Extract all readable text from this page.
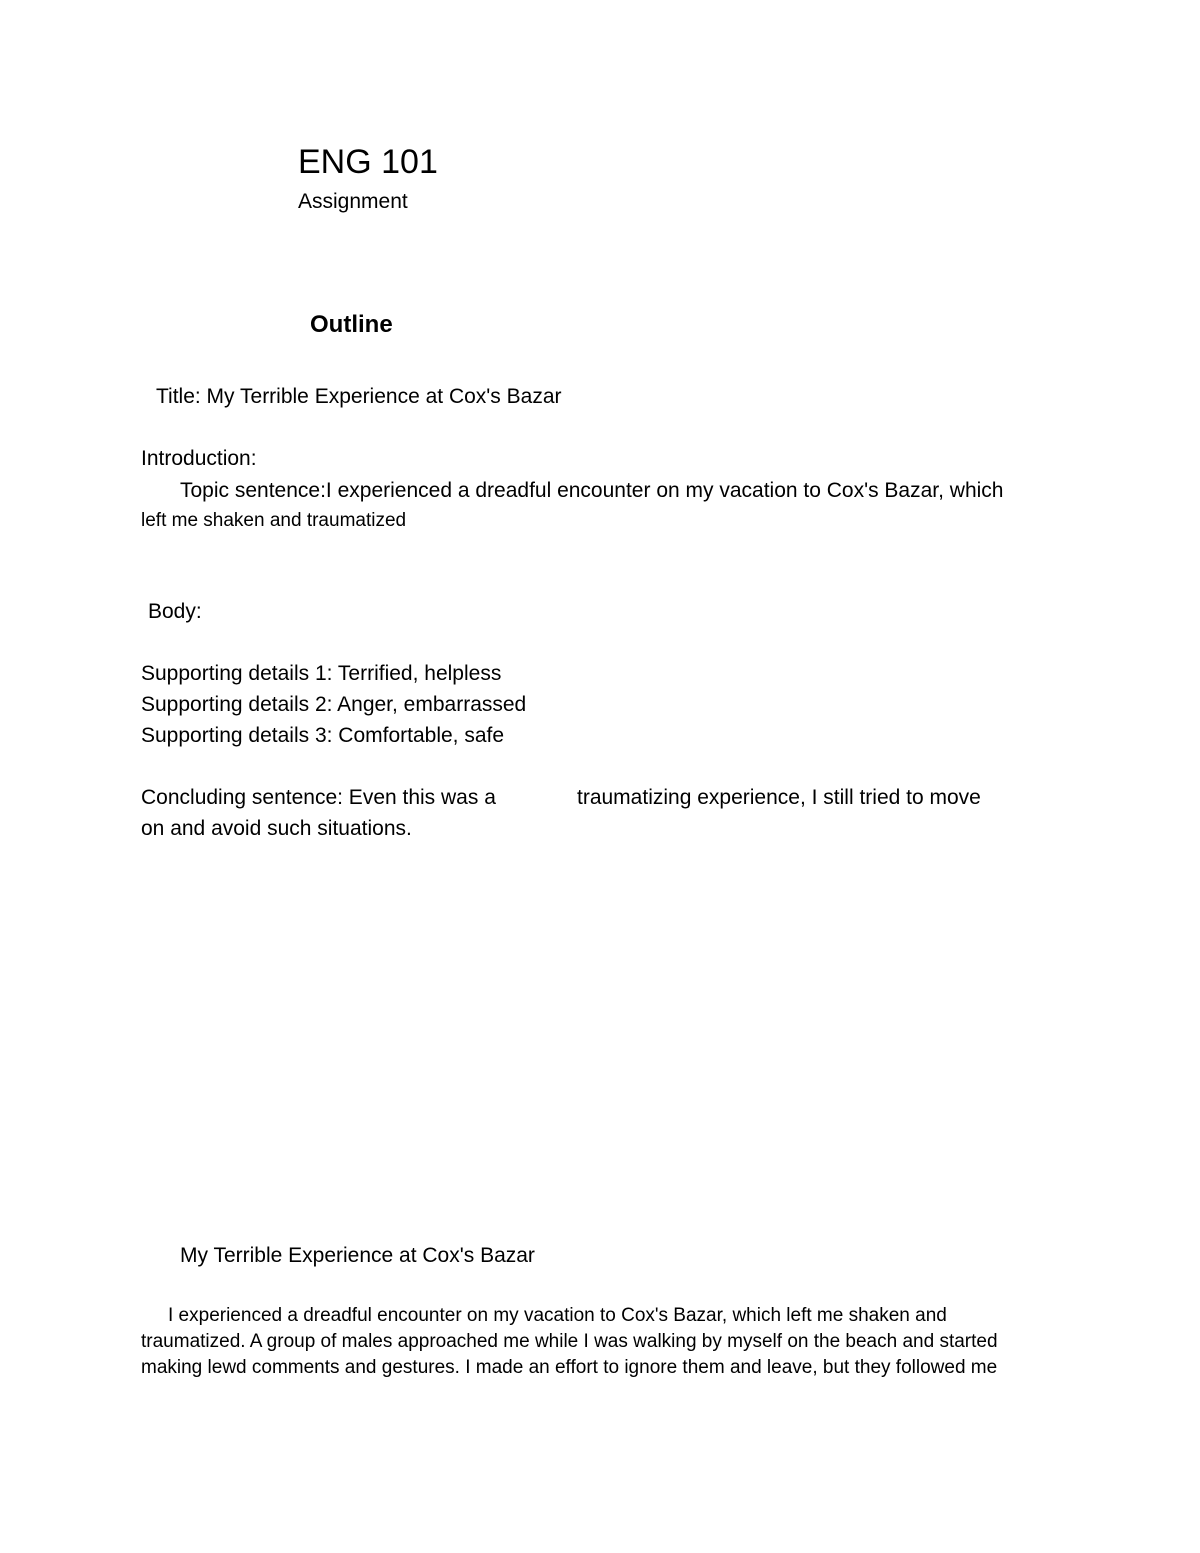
ENG 101
Assignment
Outline
Title: My Terrible Experience at Cox's Bazar
Introduction:
Topic sentence:I experienced a dreadful encounter on my vacation to Cox's Bazar, which
left me shaken and traumatized
Body:
Supporting details 1: Terrified, helpless
Supporting details 2: Anger, embarrassed
Supporting details 3: Comfortable, safe
Concluding sentence: Even this was a	traumatizing experience, I still tried to move
on and avoid such situations.
My Terrible Experience at Cox's Bazar
I experienced a dreadful encounter on my vacation to Cox's Bazar, which left me shaken and
traumatized. A group of males approached me while I was walking by myself on the beach and started
making lewd comments and gestures. I made an effort to ignore them and leave, but they followed me
